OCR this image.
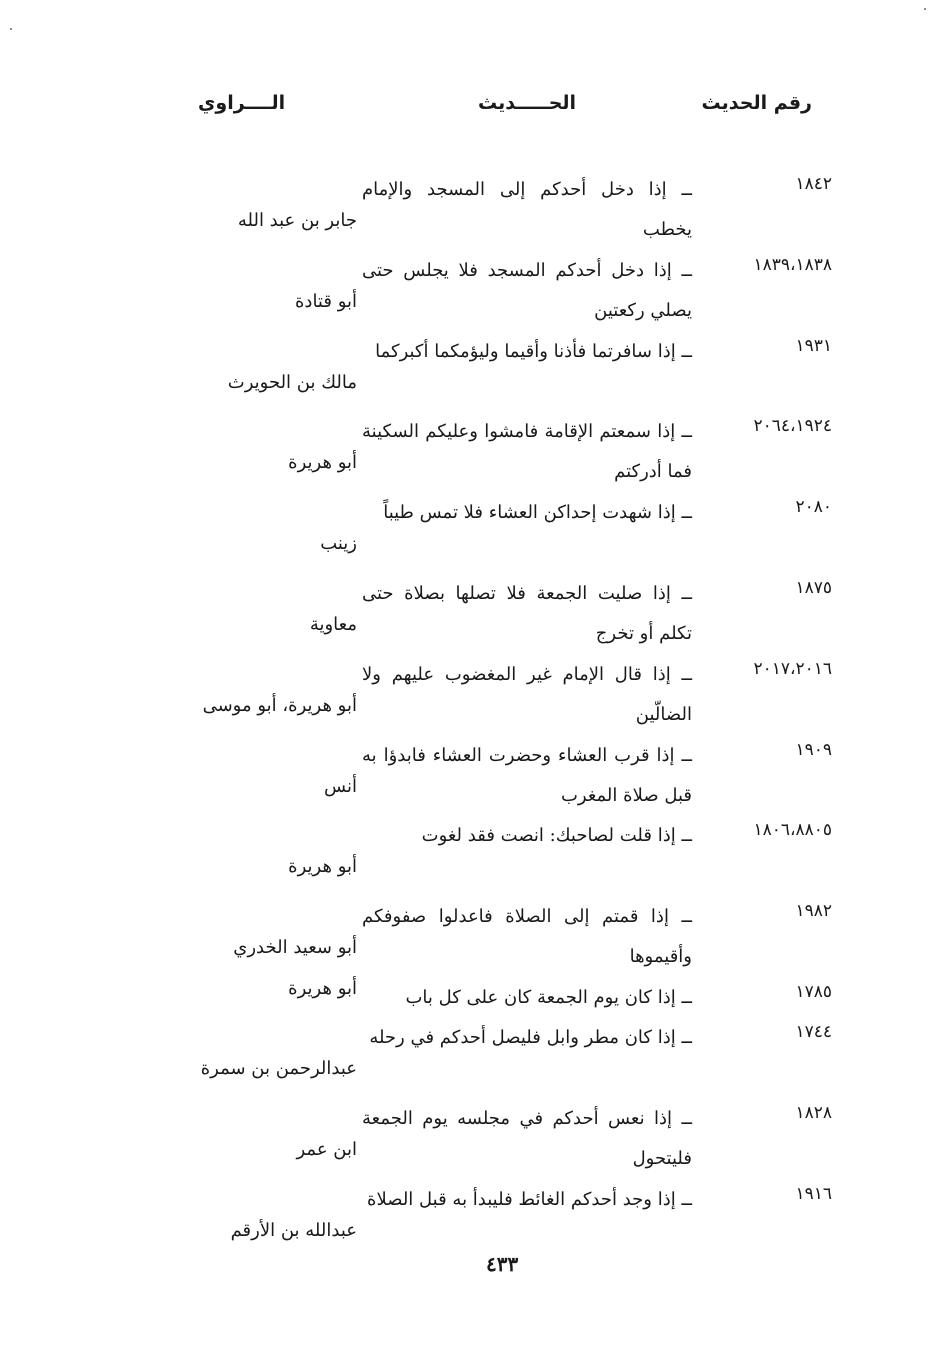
رقم الحديث
الحـــــديث
الــــراوي
١٨٤٢
ــ إذا دخل أحدكم إلى المسجد والإمام يخطب
جابر بن عبد الله
١٨٣٩،١٨٣٨
ــ إذا دخل أحدكم المسجد فلا يجلس حتى يصلي ركعتين
أبو قتادة
١٩٣١
ــ إذا سافرتما فأذنا وأقيما وليؤمكما أكبركما
مالك بن الحويرث
٢٠٦٤،١٩٢٤
ــ إذا سمعتم الإقامة فامشوا وعليكم السكينة فما أدركتم
أبو هريرة
٢٠٨٠
ــ إذا شهدت إحداكن العشاء فلا تمس طيباً
زينب
١٨٧٥
ــ إذا صليت الجمعة فلا تصلها بصلاة حتى تكلم أو تخرج
معاوية
٢٠١٧،٢٠١٦
ــ إذا قال الإمام غير المغضوب عليهم ولا الضالّين
أبو هريرة، أبو موسى
١٩٠٩
ــ إذا قرب العشاء وحضرت العشاء فابدؤا به قبل صلاة المغرب
أنس
١٨٠٦،٨٨٠٥
ــ إذا قلت لصاحبك: انصت فقد لغوت
أبو هريرة
١٩٨٢
ــ إذا قمتم إلى الصلاة فاعدلوا صفوفكم وأقيموها
أبو سعيد الخدري
١٧٨٥
ــ إذا كان يوم الجمعة كان على كل باب
أبو هريرة
١٧٤٤
ــ إذا كان مطر وابل فليصل أحدكم في رحله
عبدالرحمن بن سمرة
١٨٢٨
ــ إذا نعس أحدكم في مجلسه يوم الجمعة فليتحول
ابن عمر
١٩١٦
ــ إذا وجد أحدكم الغائط فليبدأ به قبل الصلاة
عبدالله بن الأرقم
٤٣٣
